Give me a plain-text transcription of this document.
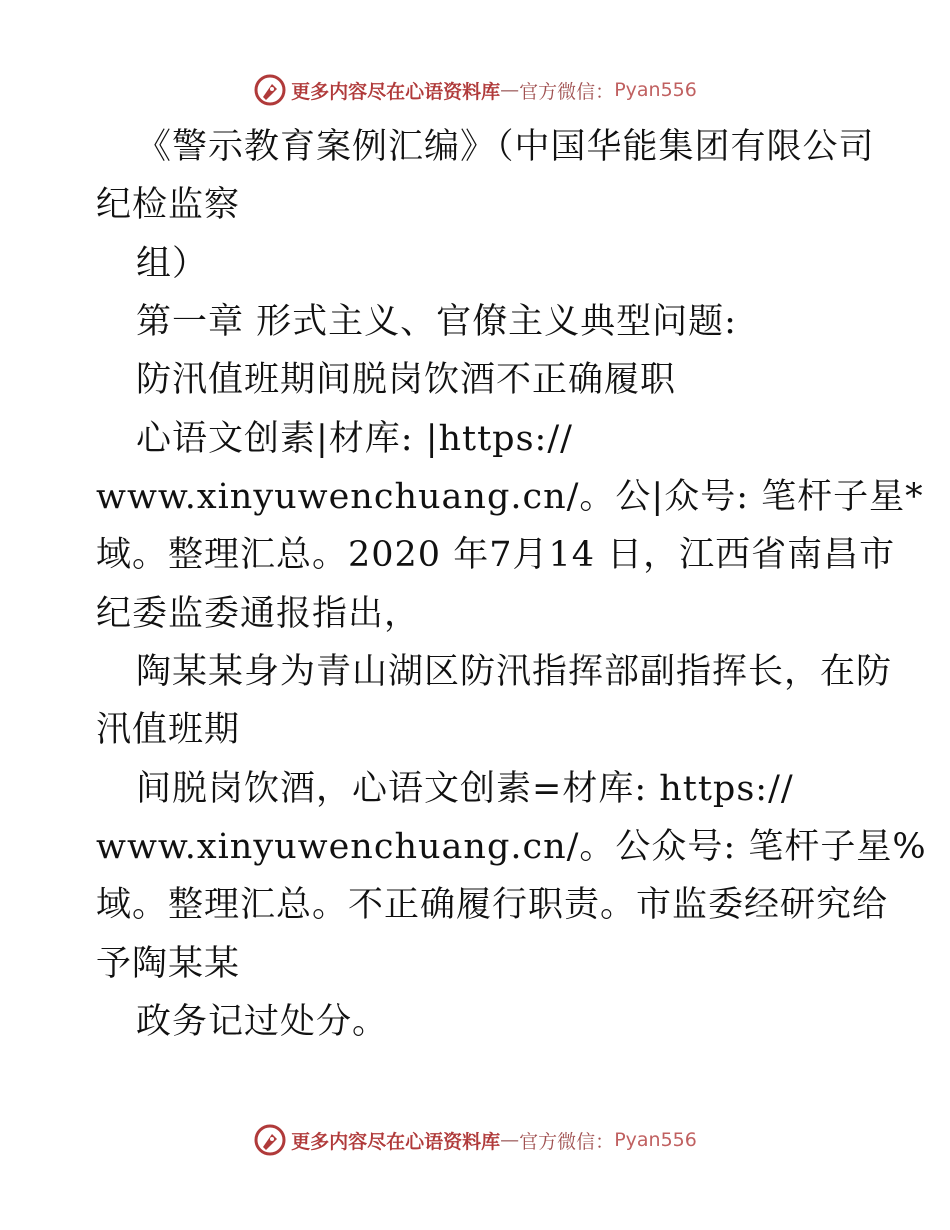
更多内容尽在心语资料库 — 官方微信： Pyan556
《警示教育案例汇编》（中国华能集团有限公司
纪检监察
组）
第一章 形式主义、官僚主义典型问题:
防汛值班期间脱岗饮酒不正确履职
心语文创素|材库: |https://
www.xinyuwenchuang.cn/。公|众号: 笔杆子星*
域。整理汇总。2020 年7月14 日，江西省南昌市
纪委监委通报指出，
陶某某身为青山湖区防汛指挥部副指挥长，在防
汛值班期
间脱岗饮酒，心语文创素=材库: https://
www.xinyuwenchuang.cn/。公众号: 笔杆子星%
域。整理汇总。不正确履行职责。市监委经研究给
予陶某某
政务记过处分。
更多内容尽在心语资料库 — 官方微信： Pyan556
